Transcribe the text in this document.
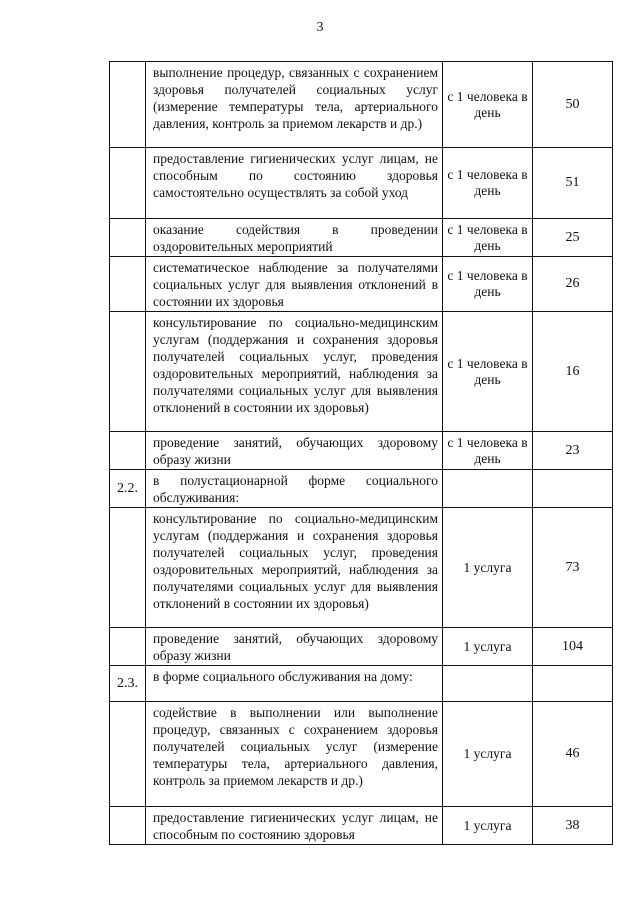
3
	выполнение процедур, связанных с сохранением здоровья получателей социальных услуг (измерение температуры тела, артериального давления, контроль за приемом лекарств и др.)	с 1 человека в день	50
	предоставление гигиенических услуг лицам, не способным по состоянию здоровья самостоятельно осуществлять за собой уход	с 1 человека в день	51
	оказание содействия в проведении оздоровительных мероприятий	с 1 человека в день	25
	систематическое наблюдение за получателями социальных услуг для выявления отклонений в состоянии их здоровья	с 1 человека в день	26
	консультирование по социально-медицинским услугам (поддержания и сохранения здоровья получателей социальных услуг, проведения оздоровительных мероприятий, наблюдения за получателями социальных услуг для выявления отклонений в состоянии их здоровья)	с 1 человека в день	16
	проведение занятий, обучающих здоровому образу жизни	с 1 человека в день	23
2.2.	в полустационарной форме социального обслуживания:		
	консультирование по социально-медицинским услугам (поддержания и сохранения здоровья получателей социальных услуг, проведения оздоровительных мероприятий, наблюдения за получателями социальных услуг для выявления отклонений в состоянии их здоровья)	1 услуга	73
	проведение занятий, обучающих здоровому образу жизни	1 услуга	104
2.3.	в форме социального обслуживания на дому:		
	содействие в выполнении или выполнение процедур, связанных с сохранением здоровья получателей социальных услуг (измерение температуры тела, артериального давления, контроль за приемом лекарств и др.)	1 услуга	46
	предоставление гигиенических услуг лицам, не способным по состоянию здоровья	1 услуга	38
